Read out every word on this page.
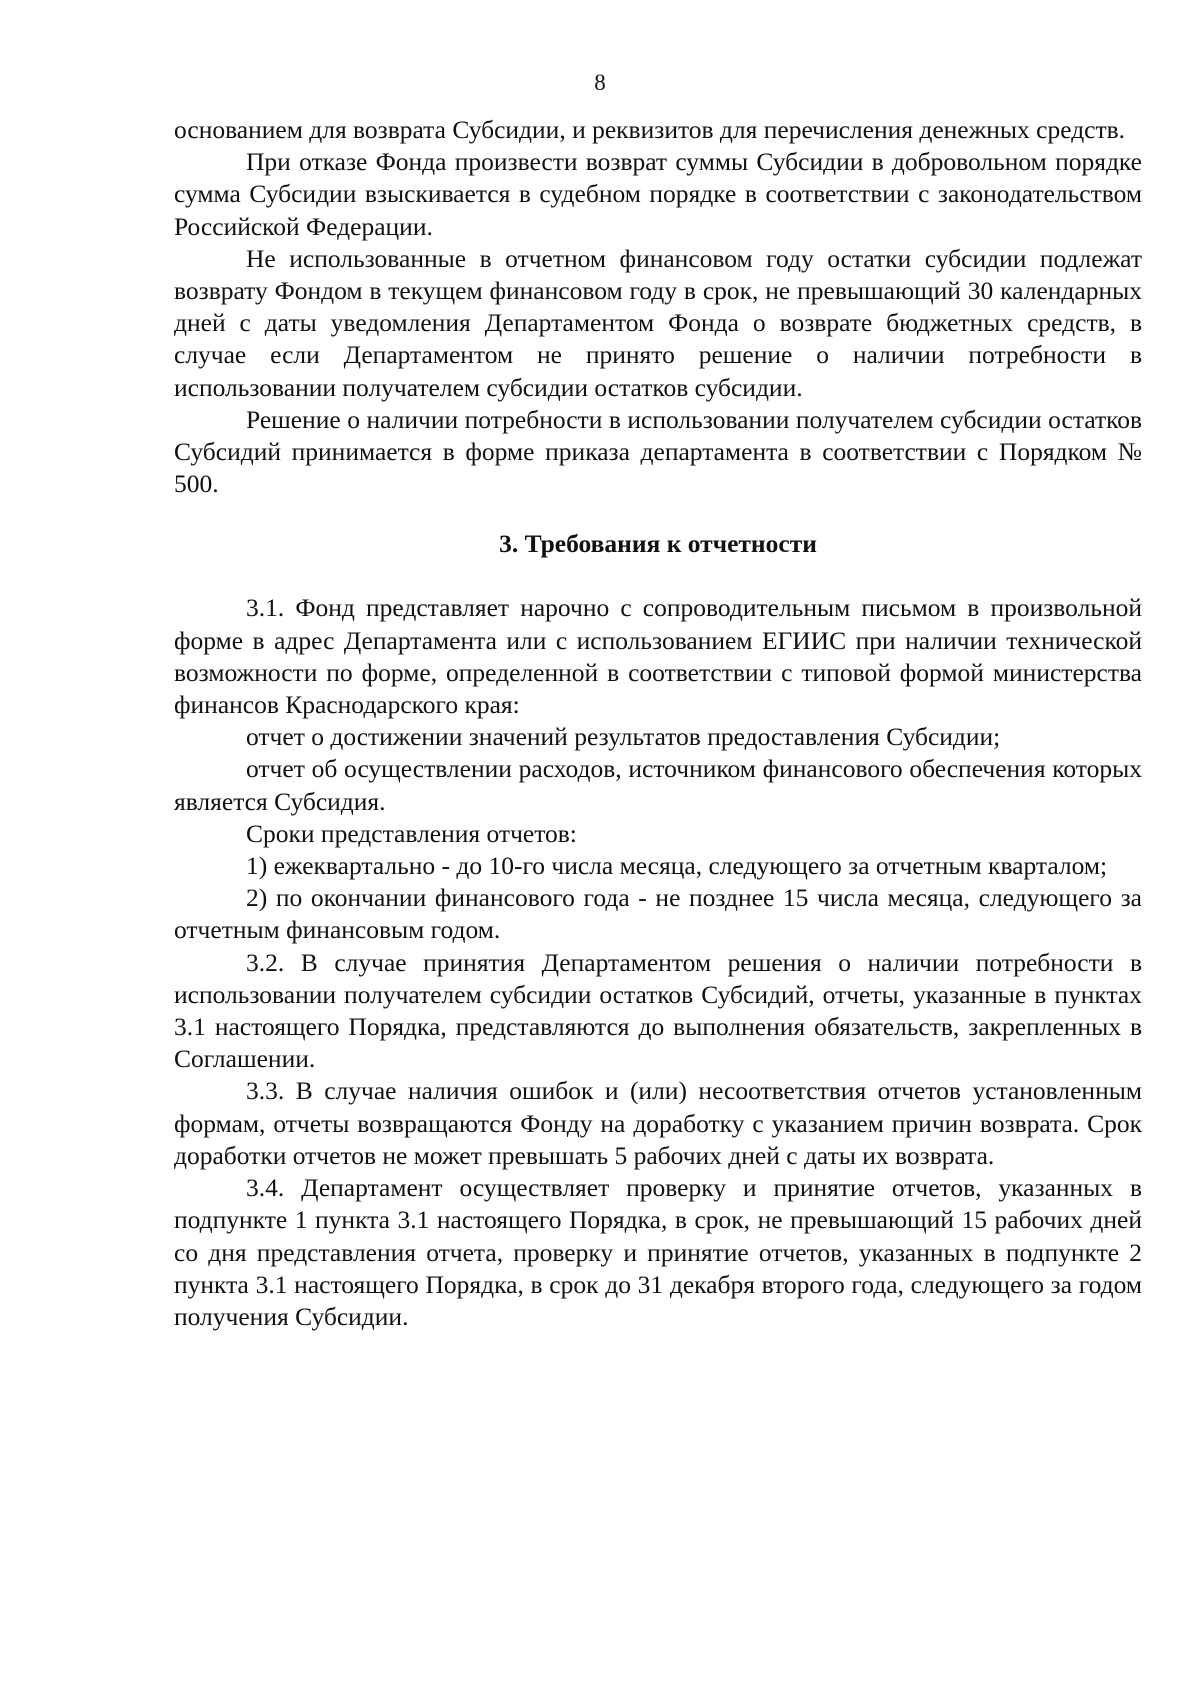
8

основанием для возврата Субсидии, и реквизитов для перечисления денежных средств.

При отказе Фонда произвести возврат суммы Субсидии в добровольном порядке сумма Субсидии взыскивается в судебном порядке в соответствии с законодательством Российской Федерации.

Не использованные в отчетном финансовом году остатки субсидии подлежат возврату Фондом в текущем финансовом году в срок, не превышающий 30 календарных дней с даты уведомления Департаментом Фонда о возврате бюджетных средств, в случае если Департаментом не принято решение о наличии потребности в использовании получателем субсидии остатков субсидии.

Решение о наличии потребности в использовании получателем субсидии остатков Субсидий принимается в форме приказа департамента в соответствии с Порядком № 500.

3. Требования к отчетности

3.1. Фонд представляет нарочно с сопроводительным письмом в произвольной форме в адрес Департамента или с использованием ЕГИИС при наличии технической возможности по форме, определенной в соответствии с типовой формой министерства финансов Краснодарского края:

отчет о достижении значений результатов предоставления Субсидии;

отчет об осуществлении расходов, источником финансового обеспечения которых является Субсидия.

Сроки представления отчетов:

1) ежеквартально - до 10-го числа месяца, следующего за отчетным кварталом;

2) по окончании финансового года - не позднее 15 числа месяца, следующего за отчетным финансовым годом.

3.2. В случае принятия Департаментом решения о наличии потребности в использовании получателем субсидии остатков Субсидий, отчеты, указанные в пунктах 3.1 настоящего Порядка, представляются до выполнения обязательств, закрепленных в Соглашении.

3.3. В случае наличия ошибок и (или) несоответствия отчетов установленным формам, отчеты возвращаются Фонду на доработку с указанием причин возврата. Срок доработки отчетов не может превышать 5 рабочих дней с даты их возврата.

3.4. Департамент осуществляет проверку и принятие отчетов, указанных в подпункте 1 пункта 3.1 настоящего Порядка, в срок, не превышающий 15 рабочих дней со дня представления отчета, проверку и принятие отчетов, указанных в подпункте 2 пункта 3.1 настоящего Порядка, в срок до 31 декабря второго года, следующего за годом получения Субсидии.
